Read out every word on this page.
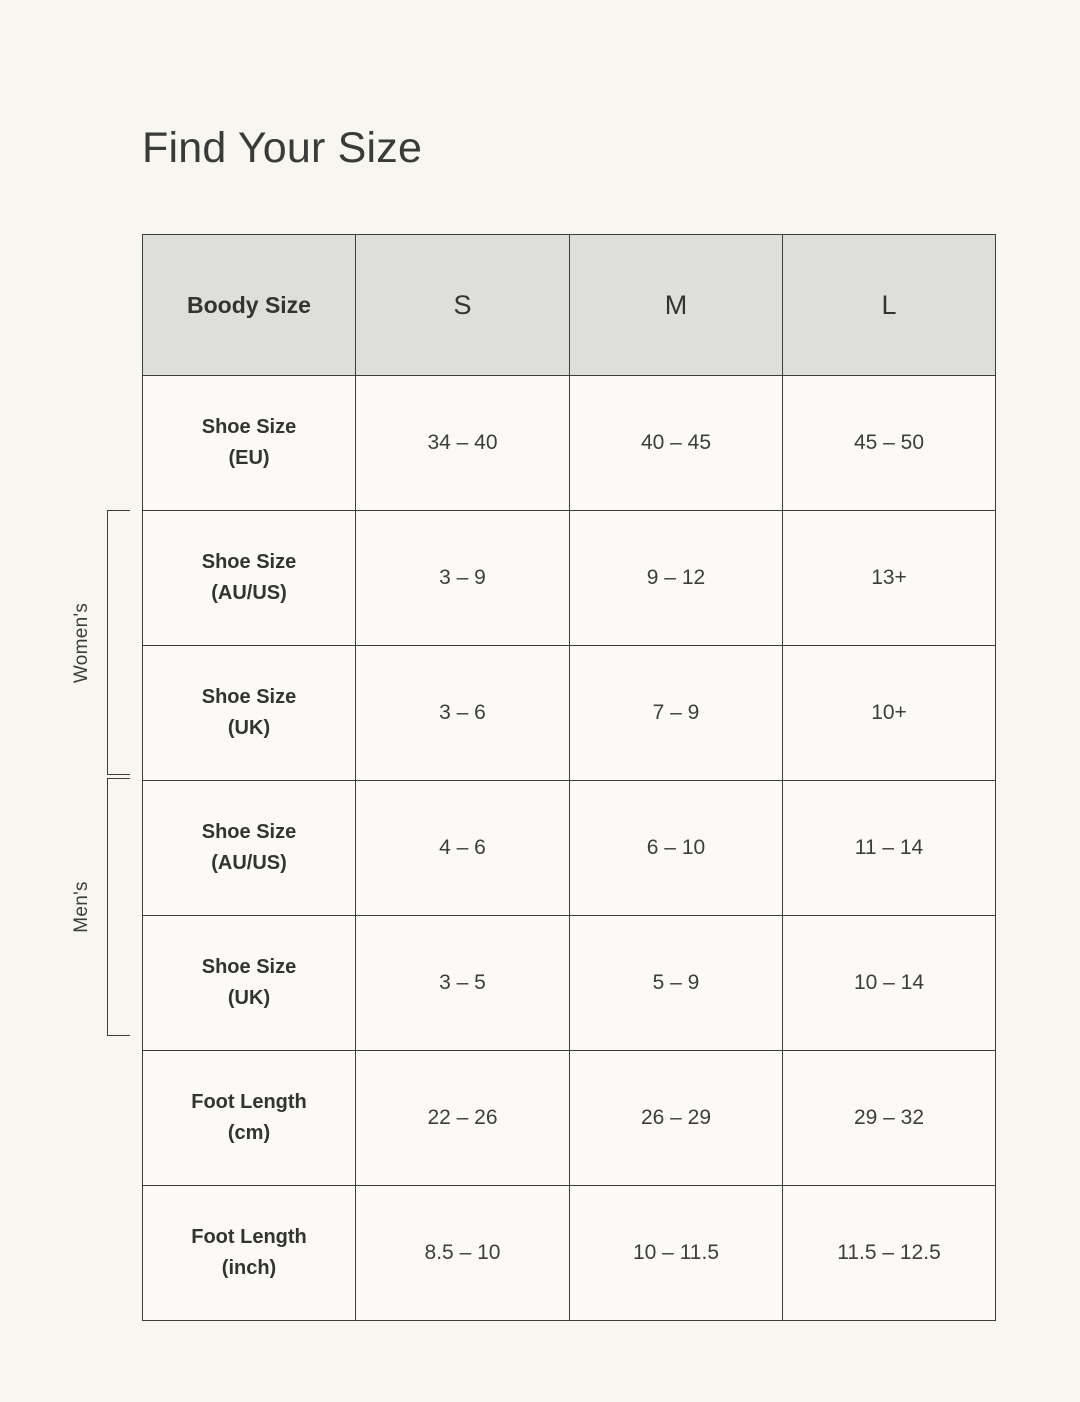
Find Your Size
Women's
Men's
Boody Size	S	M	L

Shoe Size
(EU)	34 – 40	40 – 45	45 – 50

Shoe Size
(AU/US)	3 – 9	9 – 12	13+

Shoe Size
(UK)	3 – 6	7 – 9	10+

Shoe Size
(AU/US)	4 – 6	6 – 10	11 – 14

Shoe Size
(UK)	3 – 5	5 – 9	10 – 14

Foot Length
(cm)	22 – 26	26 – 29	29 – 32

Foot Length
(inch)	8.5 – 10	10 – 11.5	11.5 – 12.5
